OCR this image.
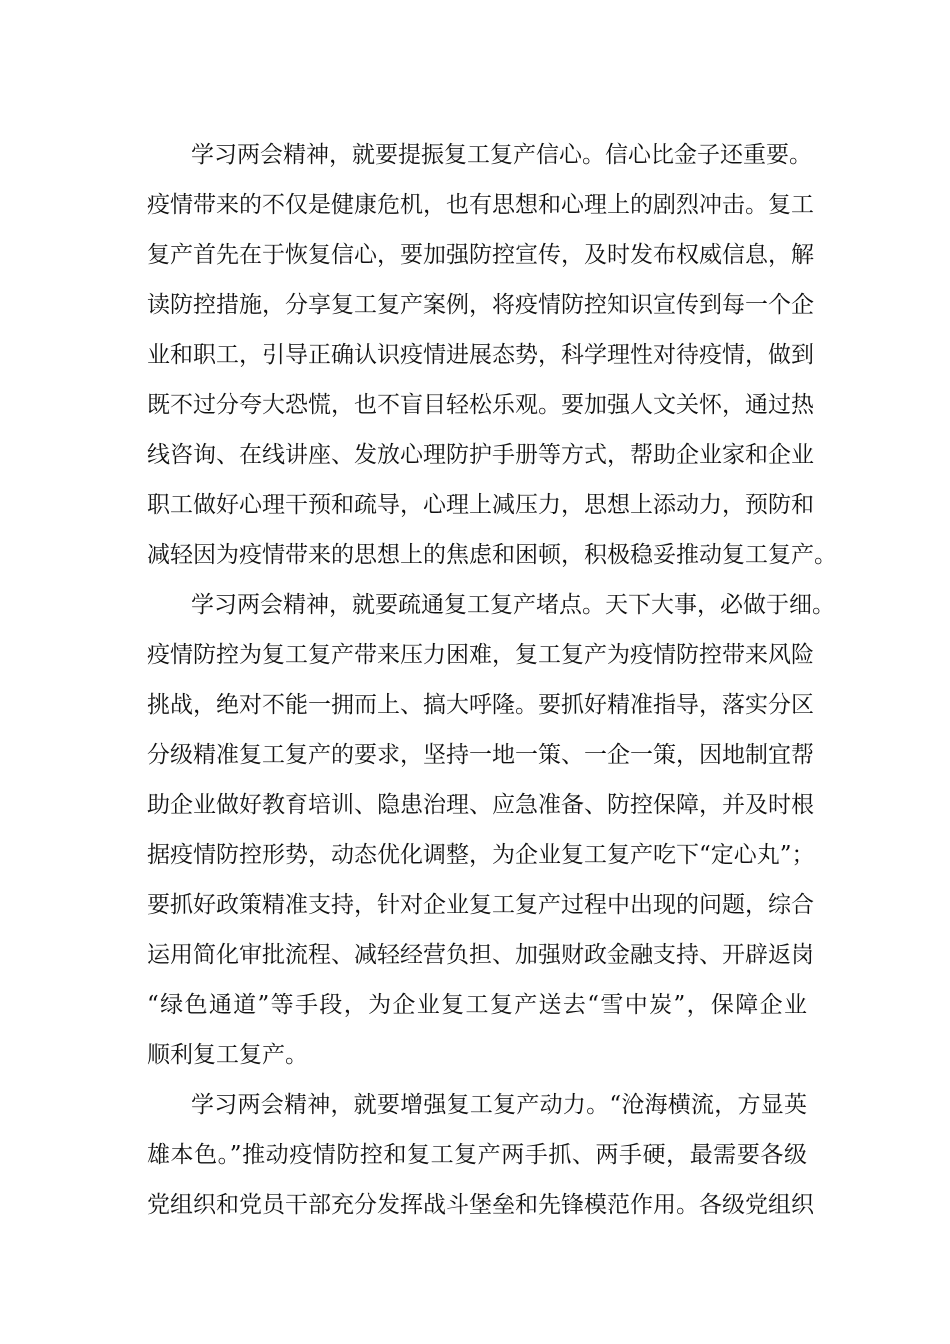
学习两会精神，就要提振复工复产信心。信心比金子还重要。
疫情带来的不仅是健康危机，也有思想和心理上的剧烈冲击。复工
复产首先在于恢复信心，要加强防控宣传，及时发布权威信息，解
读防控措施，分享复工复产案例，将疫情防控知识宣传到每一个企
业和职工，引导正确认识疫情进展态势，科学理性对待疫情，做到
既不过分夸大恐慌，也不盲目轻松乐观。要加强人文关怀，通过热
线咨询、在线讲座、发放心理防护手册等方式，帮助企业家和企业
职工做好心理干预和疏导，心理上减压力，思想上添动力，预防和
减轻因为疫情带来的思想上的焦虑和困顿，积极稳妥推动复工复产。
学习两会精神，就要疏通复工复产堵点。天下大事，必做于细。
疫情防控为复工复产带来压力困难，复工复产为疫情防控带来风险
挑战，绝对不能一拥而上、搞大呼隆。要抓好精准指导，落实分区
分级精准复工复产的要求，坚持一地一策、一企一策，因地制宜帮
助企业做好教育培训、隐患治理、应急准备、防控保障，并及时根
据疫情防控形势，动态优化调整，为企业复工复产吃下“定心丸”；
要抓好政策精准支持，针对企业复工复产过程中出现的问题，综合
运用简化审批流程、减轻经营负担、加强财政金融支持、开辟返岗
“绿色通道”等手段，为企业复工复产送去“雪中炭”，保障企业
顺利复工复产。
学习两会精神，就要增强复工复产动力。“沧海横流，方显英
雄本色。”推动疫情防控和复工复产两手抓、两手硬，最需要各级
党组织和党员干部充分发挥战斗堡垒和先锋模范作用。各级党组织
